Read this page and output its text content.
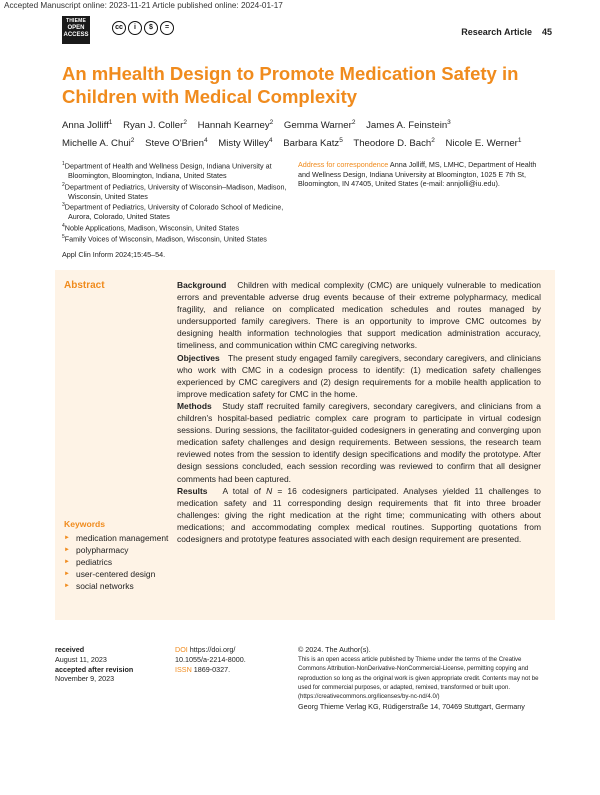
Accepted Manuscript online: 2023-11-21 Article published online: 2024-01-17
THIEME
OPEN
ACCESS
cc	i	$	=	Research Article 45
An mHealth Design to Promote Medication Safety in Children with Medical Complexity
Anna Jolliff$^1$ Ryan J. Coller$^2$ Hannah Kearney$^2$ Gemma Warner$^2$ James A. Feinstein$^3$
Michelle A. Chui$^2$ Steve O'Brien$^4$ Misty Willey$^4$ Barbara Katz$^5$ Theodore D. Bach$^2$ Nicole E. Werner$^1$
$^1$Department of Health and Wellness Design, Indiana University at Bloomington, Bloomington, Indiana, United States
$^2$Department of Pediatrics, University of Wisconsin–Madison, Madison, Wisconsin, United States
$^3$Department of Pediatrics, University of Colorado School of Medicine, Aurora, Colorado, United States
$^4$Noble Applications, Madison, Wisconsin, United States
$^5$Family Voices of Wisconsin, Madison, Wisconsin, United States
Address for correspondence Anna Jolliff, MS, LMHC, Department of Health and Wellness Design, Indiana University at Bloomington, 1025 E 7th St, Bloomington, IN 47405, United States (e-mail: annjolli@iu.edu).
Appl Clin Inform 2024;15:45–54.
Abstract	Background Children with medical complexity (CMC) are uniquely vulnerable to medication errors and preventable adverse drug events because of their extreme polypharmacy, medical fragility, and reliance on complicated medication schedules and routes managed by undersupported family caregivers. There is an opportunity to improve CMC outcomes by designing health information technologies that support medication administration accuracy, timeliness, and communication within CMC caregiving networks.

Objectives The present study engaged family caregivers, secondary caregivers, and clinicians who work with CMC in a codesign process to identify: (1) medication safety challenges experienced by CMC caregivers and (2) design requirements for a mobile health application to improve medication safety for CMC in the home.

Methods Study staff recruited family caregivers, secondary caregivers, and clinicians from a children's hospital-based pediatric complex care program to participate in virtual codesign sessions. During sessions, the facilitator-guided codesigners in generating and converging upon medication safety challenges and design requirements. Between sessions, the research team reviewed notes from the session to identify design specifications and modify the prototype. After design sessions concluded, each session recording was reviewed to confirm that all designer comments had been captured.

Results A total of N = 16 codesigners participated. Analyses yielded 11 challenges to medication safety and 11 corresponding design requirements that fit into three broader challenges: giving the right medication at the right time; communicating with others about medications; and accommodating complex medical routines. Supporting quotations from codesigners and prototype features associated with each design requirement are presented.

Keywords
► medication management
► polypharmacy
► pediatrics
► user-centered design
► social networks
received
August 11, 2023
accepted after revision
November 9, 2023
DOI https://doi.org/
10.1055/a-2214-8000.
ISSN 1869-0327.
© 2024. The Author(s).
This is an open access article published by Thieme under the terms of the Creative Commons Attribution-NonDerivative-NonCommercial-License, permitting copying and reproduction so long as the original work is given appropriate credit. Contents may not be used for commercial purposes, or adapted, remixed, transformed or built upon. (https://creativecommons.org/licenses/by-nc-nd/4.0/)
Georg Thieme Verlag KG, Rüdigerstraße 14, 70469 Stuttgart, Germany
